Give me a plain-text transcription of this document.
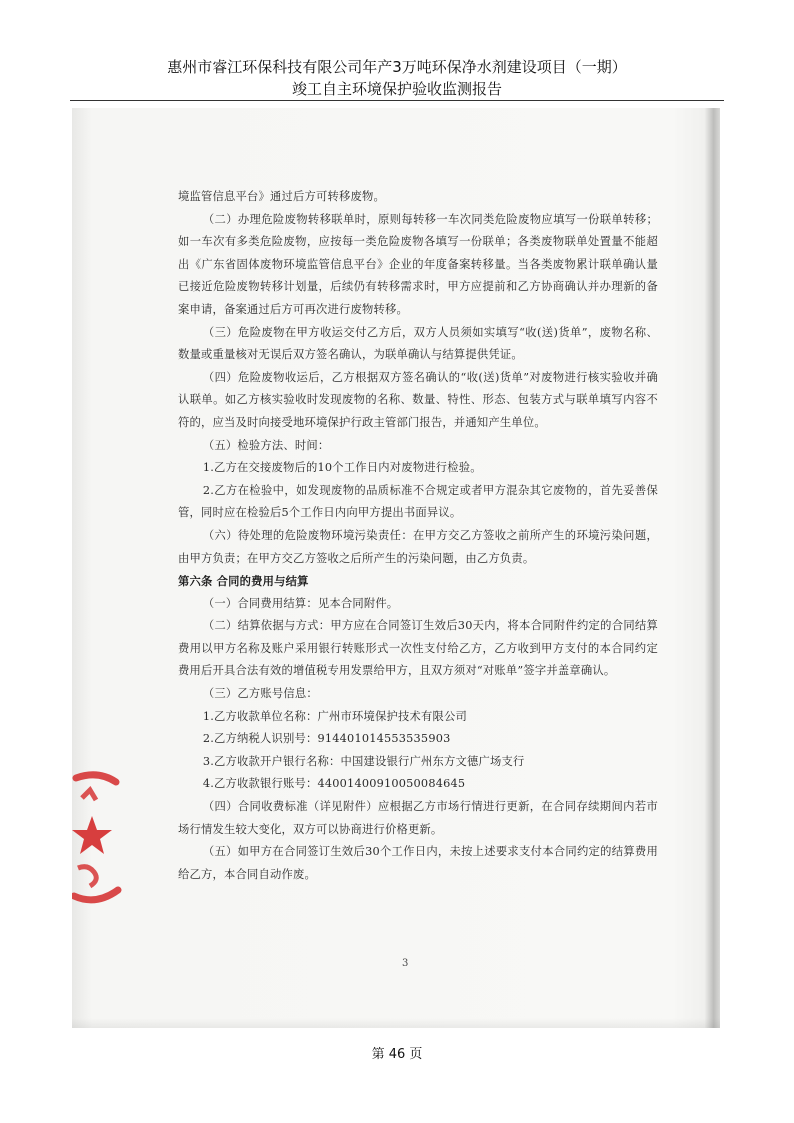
惠州市睿江环保科技有限公司年产3万吨环保净水剂建设项目（一期）
竣工自主环境保护验收监测报告

境监管信息平台》通过后方可转移废物。

（二）办理危险废物转移联单时，原则每转移一车次同类危险废物应填写一份联单转移；如一车次有多类危险废物，应按每一类危险废物各填写一份联单；各类废物联单处置量不能超出《广东省固体废物环境监管信息平台》企业的年度备案转移量。当各类废物累计联单确认量已接近危险废物转移计划量，后续仍有转移需求时，甲方应提前和乙方协商确认并办理新的备案申请，备案通过后方可再次进行废物转移。

（三）危险废物在甲方收运交付乙方后，双方人员须如实填写“收(送)货单”，废物名称、数量或重量核对无误后双方签名确认，为联单确认与结算提供凭证。

（四）危险废物收运后，乙方根据双方签名确认的“收(送)货单”对废物进行核实验收并确认联单。如乙方核实验收时发现废物的名称、数量、特性、形态、包装方式与联单填写内容不符的，应当及时向接受地环境保护行政主管部门报告，并通知产生单位。

（五）检验方法、时间：

1.乙方在交接废物后的10个工作日内对废物进行检验。

2.乙方在检验中，如发现废物的品质标准不合规定或者甲方混杂其它废物的，首先妥善保管，同时应在检验后5个工作日内向甲方提出书面异议。

（六）待处理的危险废物环境污染责任：在甲方交乙方签收之前所产生的环境污染问题，由甲方负责；在甲方交乙方签收之后所产生的污染问题，由乙方负责。

第六条 合同的费用与结算

（一）合同费用结算：见本合同附件。

（二）结算依据与方式：甲方应在合同签订生效后30天内，将本合同附件约定的合同结算费用以甲方名称及账户采用银行转账形式一次性支付给乙方，乙方收到甲方支付的本合同约定费用后开具合法有效的增值税专用发票给甲方，且双方须对“对账单”签字并盖章确认。

（三）乙方账号信息：

1.乙方收款单位名称：广州市环境保护技术有限公司

2.乙方纳税人识别号：914401014553535903

3.乙方收款开户银行名称：中国建设银行广州东方文德广场支行

4.乙方收款银行账号：44001400910050084645

（四）合同收费标准（详见附件）应根据乙方市场行情进行更新，在合同存续期间内若市场行情发生较大变化，双方可以协商进行价格更新。

（五）如甲方在合同签订生效后30个工作日内，未按上述要求支付本合同约定的结算费用给乙方，本合同自动作废。

3
第 46 页
